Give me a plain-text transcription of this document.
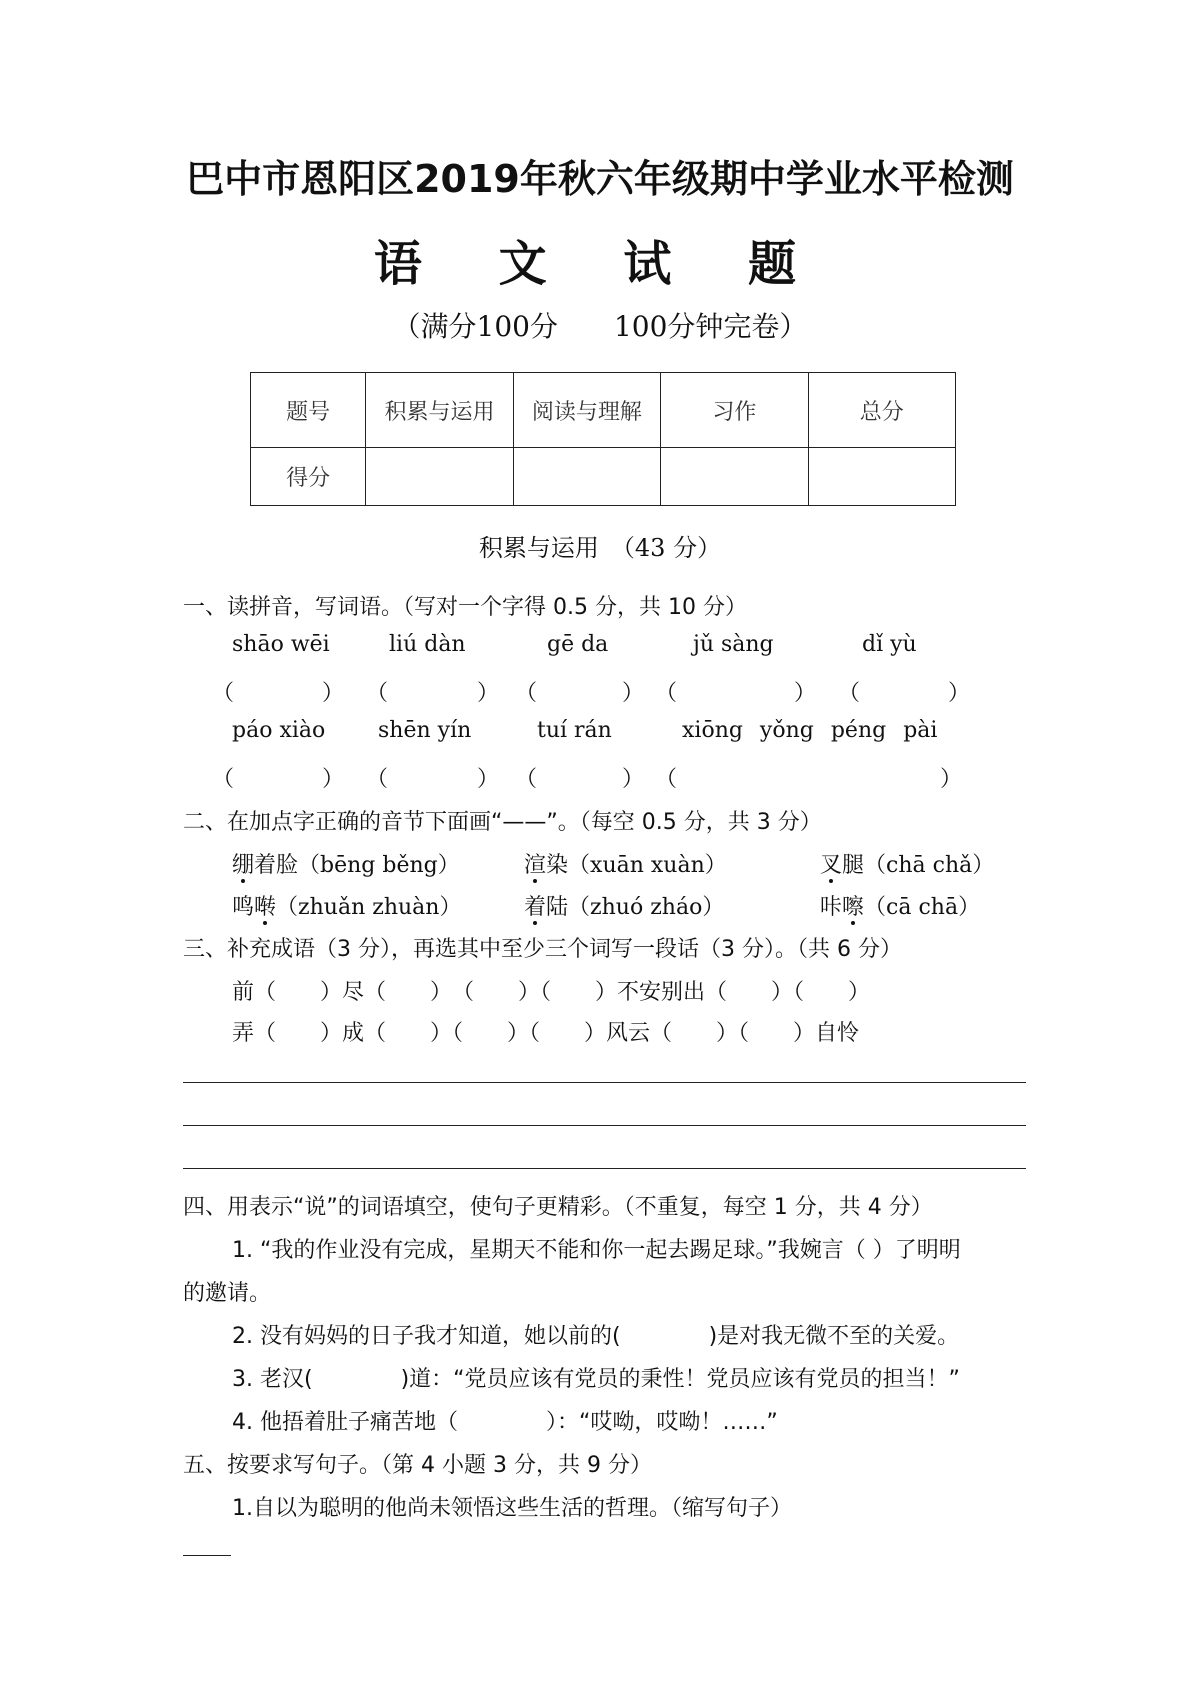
巴中市恩阳区2019年秋六年级期中学业水平检测
语 文 试 题
（满分100分　　100分钟完卷）
题号	积累与运用	阅读与理解	习作	总分
得分				
积累与运用　（43 分）
一、读拼音，写词语。（写对一个字得 0.5 分，共 10 分）
shāo wēi	liú dàn	gē da	jǔ sàng	dǐ yù
（	） （	） （	） （	） （	）
páo xiào shēn yín	tuí rán	xiōng yǒng péng pài
（	） （	） （	） （	）
二、在加点字正确的音节下面画“——”。（每空 0.5 分，共 3 分）
绷着脸（bēng běng）	渲染（xuān xuàn）	叉腿（chā chǎ）
鸣啭（zhuǎn zhuàn）	着陆（zhuó zháo）	咔嚓（cā chā）
三、补充成语（3 分），再选其中至少三个词写一段话（3 分）。（共 6 分）
前（　　）尽（　　）　（　　）（　　）不安别出（　　）（　　）
弄（　　）成（　　）（　　）（　　）风云（　　）（　　）自怜
四、用表示“说”的词语填空，使句子更精彩。（不重复，每空 1 分，共 4 分）
1. “我的作业没有完成，星期天不能和你一起去踢足球。”我婉言（ ）了明明
的邀请。
2. 没有妈妈的日子我才知道，她以前的(　　　　)是对我无微不至的关爱。
3. 老汉(　　　　)道：“党员应该有党员的秉性！党员应该有党员的担当！”
4. 他捂着肚子痛苦地（　　　　）：“哎呦，哎呦！……”
五、按要求写句子。（第 4 小题 3 分，共 9 分）
1.自以为聪明的他尚未领悟这些生活的哲理。（缩写句子）
